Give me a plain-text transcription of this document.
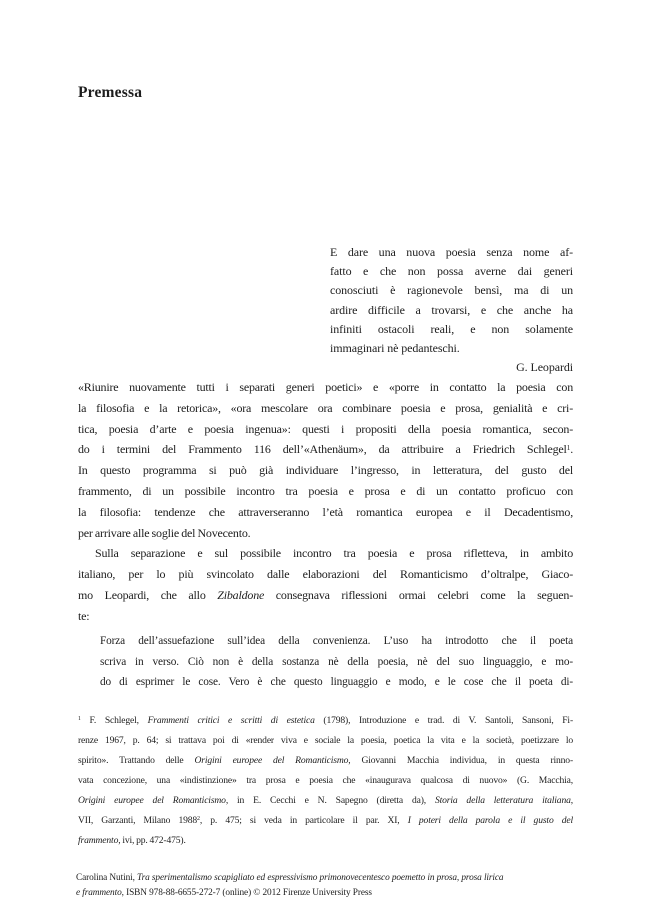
Premessa
E dare una nuova poesia senza nome af-
fatto e che non possa averne dai generi
conosciuti è ragionevole bensì, ma di un
ardire difficile a trovarsi, e che anche ha
infiniti ostacoli reali, e non solamente
immaginari nè pedanteschi.
G. Leopardi
«Riunire nuovamente tutti i separati generi poetici» e «porre in contatto la poesia con
la filosofia e la retorica», «ora mescolare ora combinare poesia e prosa, genialità e cri-
tica, poesia d’arte e poesia ingenua»: questi i propositi della poesia romantica, secon-
do i termini del Frammento 116 dell’«Athenäum», da attribuire a Friedrich Schlegel$^1$.
In questo programma si può già individuare l’ingresso, in letteratura, del gusto del
frammento, di un possibile incontro tra poesia e prosa e di un contatto proficuo con
la filosofia: tendenze che attraverseranno l’età romantica europea e il Decadentismo,
per arrivare alle soglie del Novecento.
Sulla separazione e sul possibile incontro tra poesia e prosa rifletteva, in ambito
italiano, per lo più svincolato dalle elaborazioni del Romanticismo d’oltralpe, Giaco-
mo Leopardi, che allo Zibaldone consegnava riflessioni ormai celebri come la seguen-
te:
Forza dell’assuefazione sull’idea della convenienza. L’uso ha introdotto che il poeta
scriva in verso. Ciò non è della sostanza nè della poesia, nè del suo linguaggio, e mo-
do di esprimer le cose. Vero è che questo linguaggio e modo, e le cose che il poeta di-
$^1$ F. Schlegel, Frammenti critici e scritti di estetica (1798), Introduzione e trad. di V. Santoli, Sansoni, Fi-
renze 1967, p. 64; si trattava poi di «render viva e sociale la poesia, poetica la vita e la società, poetizzare lo
spirito». Trattando delle Origini europee del Romanticismo, Giovanni Macchia individua, in questa rinno-
vata concezione, una «indistinzione» tra prosa e poesia che «inaugurava qualcosa di nuovo» (G. Macchia,
Origini europee del Romanticismo, in E. Cecchi e N. Sapegno (diretta da), Storia della letteratura italiana,
VII, Garzanti, Milano 1988$^2$, p. 475; si veda in particolare il par. XI, I poteri della parola e il gusto del
frammento, ivi, pp. 472-475).
Carolina Nutini, Tra sperimentalismo scapigliato ed espressivismo primonovecentesco poemetto in prosa, prosa lirica
e frammento, ISBN 978-88-6655-272-7 (online) © 2012 Firenze University Press
